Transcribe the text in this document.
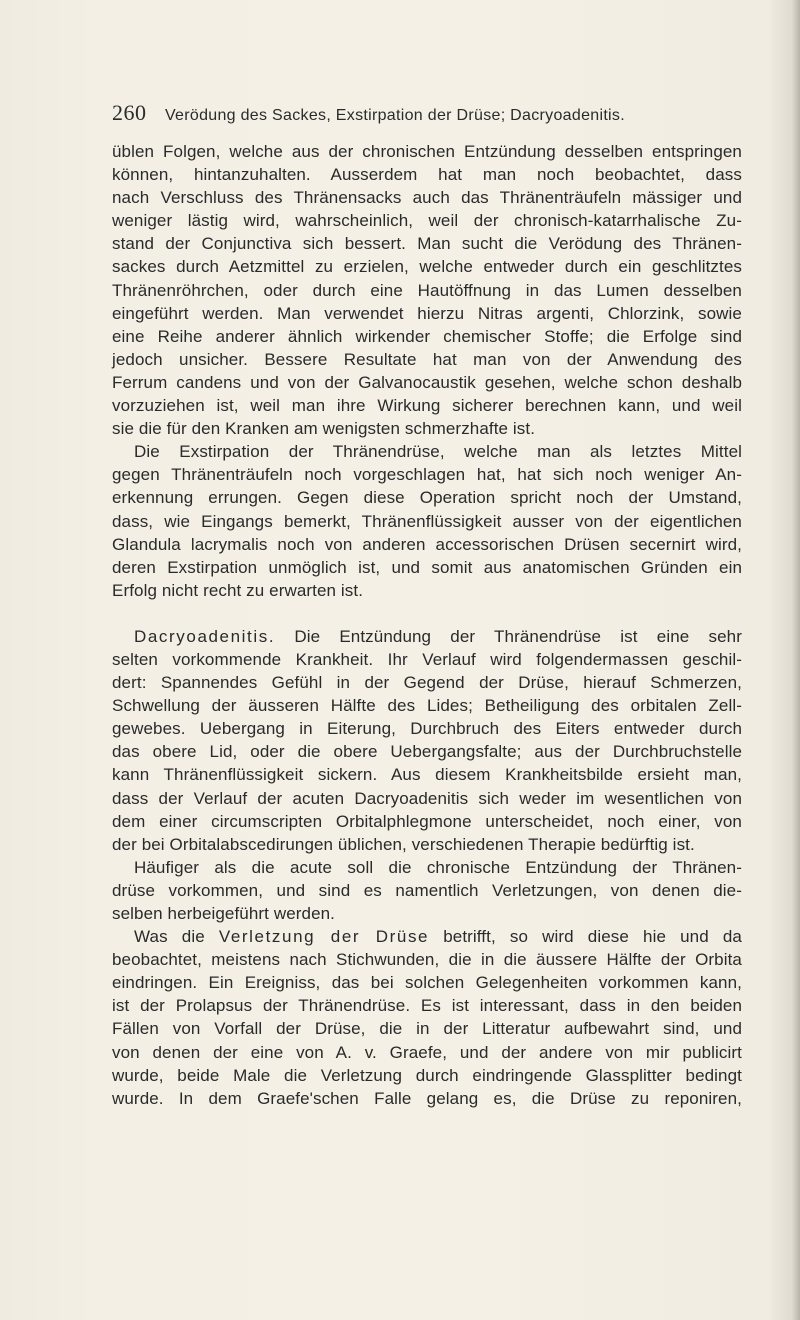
260 Verödung des Sackes, Exstirpation der Drüse; Dacryoadenitis.
üblen Folgen, welche aus der chronischen Entzündung desselben entspringen
können, hintanzuhalten. Ausserdem hat man noch beobachtet, dass
nach Verschluss des Thränensacks auch das Thränenträufeln mässiger und
weniger lästig wird, wahrscheinlich, weil der chronisch-katarrhalische Zu-
stand der Conjunctiva sich bessert. Man sucht die Verödung des Thränen-
sackes durch Aetzmittel zu erzielen, welche entweder durch ein geschlitztes
Thränenröhrchen, oder durch eine Hautöffnung in das Lumen desselben
eingeführt werden. Man verwendet hierzu Nitras argenti, Chlorzink, sowie
eine Reihe anderer ähnlich wirkender chemischer Stoffe; die Erfolge sind
jedoch unsicher. Bessere Resultate hat man von der Anwendung des
Ferrum candens und von der Galvanocaustik gesehen, welche schon deshalb
vorzuziehen ist, weil man ihre Wirkung sicherer berechnen kann, und weil
sie die für den Kranken am wenigsten schmerzhafte ist.
Die Exstirpation der Thränendrüse, welche man als letztes Mittel
gegen Thränenträufeln noch vorgeschlagen hat, hat sich noch weniger An-
erkennung errungen. Gegen diese Operation spricht noch der Umstand,
dass, wie Eingangs bemerkt, Thränenflüssigkeit ausser von der eigentlichen
Glandula lacrymalis noch von anderen accessorischen Drüsen secernirt wird,
deren Exstirpation unmöglich ist, und somit aus anatomischen Gründen ein
Erfolg nicht recht zu erwarten ist.
Dacryoadenitis. Die Entzündung der Thränendrüse ist eine sehr
selten vorkommende Krankheit. Ihr Verlauf wird folgendermassen geschil-
dert: Spannendes Gefühl in der Gegend der Drüse, hierauf Schmerzen,
Schwellung der äusseren Hälfte des Lides; Betheiligung des orbitalen Zell-
gewebes. Uebergang in Eiterung, Durchbruch des Eiters entweder durch
das obere Lid, oder die obere Uebergangsfalte; aus der Durchbruchstelle
kann Thränenflüssigkeit sickern. Aus diesem Krankheitsbilde ersieht man,
dass der Verlauf der acuten Dacryoadenitis sich weder im wesentlichen von
dem einer circumscripten Orbitalphlegmone unterscheidet, noch einer, von
der bei Orbitalabscedirungen üblichen, verschiedenen Therapie bedürftig ist.
Häufiger als die acute soll die chronische Entzündung der Thränen-
drüse vorkommen, und sind es namentlich Verletzungen, von denen die-
selben herbeigeführt werden.
Was die Verletzung der Drüse betrifft, so wird diese hie und da
beobachtet, meistens nach Stichwunden, die in die äussere Hälfte der Orbita
eindringen. Ein Ereigniss, das bei solchen Gelegenheiten vorkommen kann,
ist der Prolapsus der Thränendrüse. Es ist interessant, dass in den beiden
Fällen von Vorfall der Drüse, die in der Litteratur aufbewahrt sind, und
von denen der eine von A. v. Graefe, und der andere von mir publicirt
wurde, beide Male die Verletzung durch eindringende Glassplitter bedingt
wurde. In dem Graefe'schen Falle gelang es, die Drüse zu reponiren,
